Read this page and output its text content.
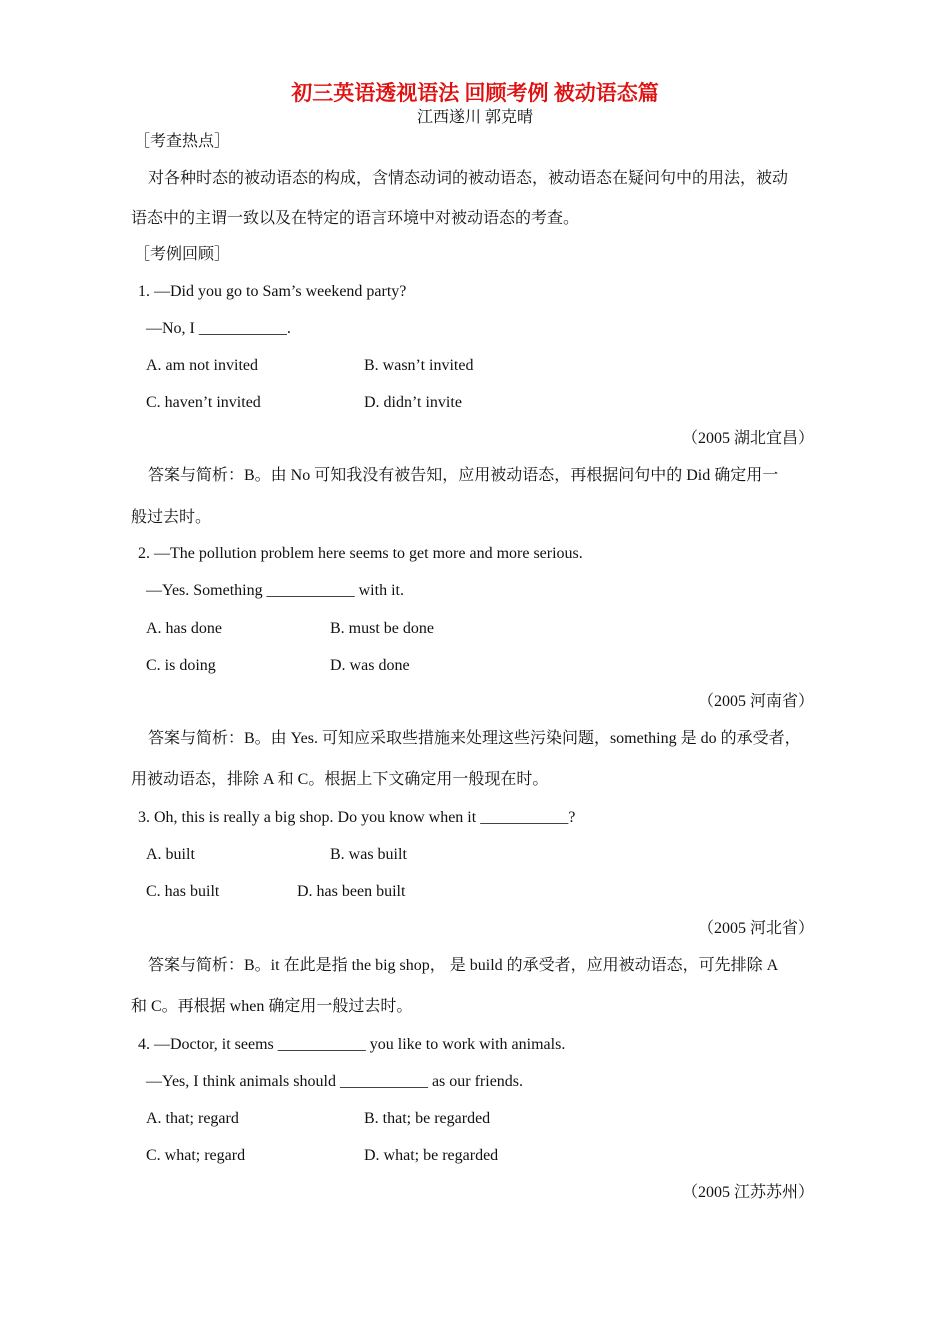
初三英语透视语法 回顾考例 被动语态篇
江西遂川 郭克晴
［考查热点］
对各种时态的被动语态的构成，含情态动词的被动语态，被动语态在疑问句中的用法，被动
语态中的主谓一致以及在特定的语言环境中对被动语态的考查。
［考例回顾］
1. —Did you go to Sam’s weekend party?
—No, I ___________.
A. am not invited	B. wasn’t invited
C. haven’t invited	D. didn’t invite
（2005 湖北宜昌）
答案与简析：B。由 No 可知我没有被告知，应用被动语态，再根据问句中的 Did 确定用一
般过去时。
2. —The pollution problem here seems to get more and more serious.
—Yes. Something ___________ with it.
A. has done	B. must be done
C. is doing	D. was done
（2005 河南省）
答案与简析：B。由 Yes. 可知应采取些措施来处理这些污染问题，something 是 do 的承受者，
用被动语态，排除 A 和 C。根据上下文确定用一般现在时。
3. Oh, this is really a big shop. Do you know when it ___________?
A. built	B. was built
C. has built	D. has been built
（2005 河北省）
答案与简析：B。it 在此是指 the big shop， 是 build 的承受者，应用被动语态，可先排除 A
和 C。再根据 when 确定用一般过去时。
4. —Doctor, it seems ___________ you like to work with animals.
—Yes, I think animals should ___________ as our friends.
A. that; regard	B. that; be regarded
C. what; regard	D. what; be regarded
（2005 江苏苏州）
